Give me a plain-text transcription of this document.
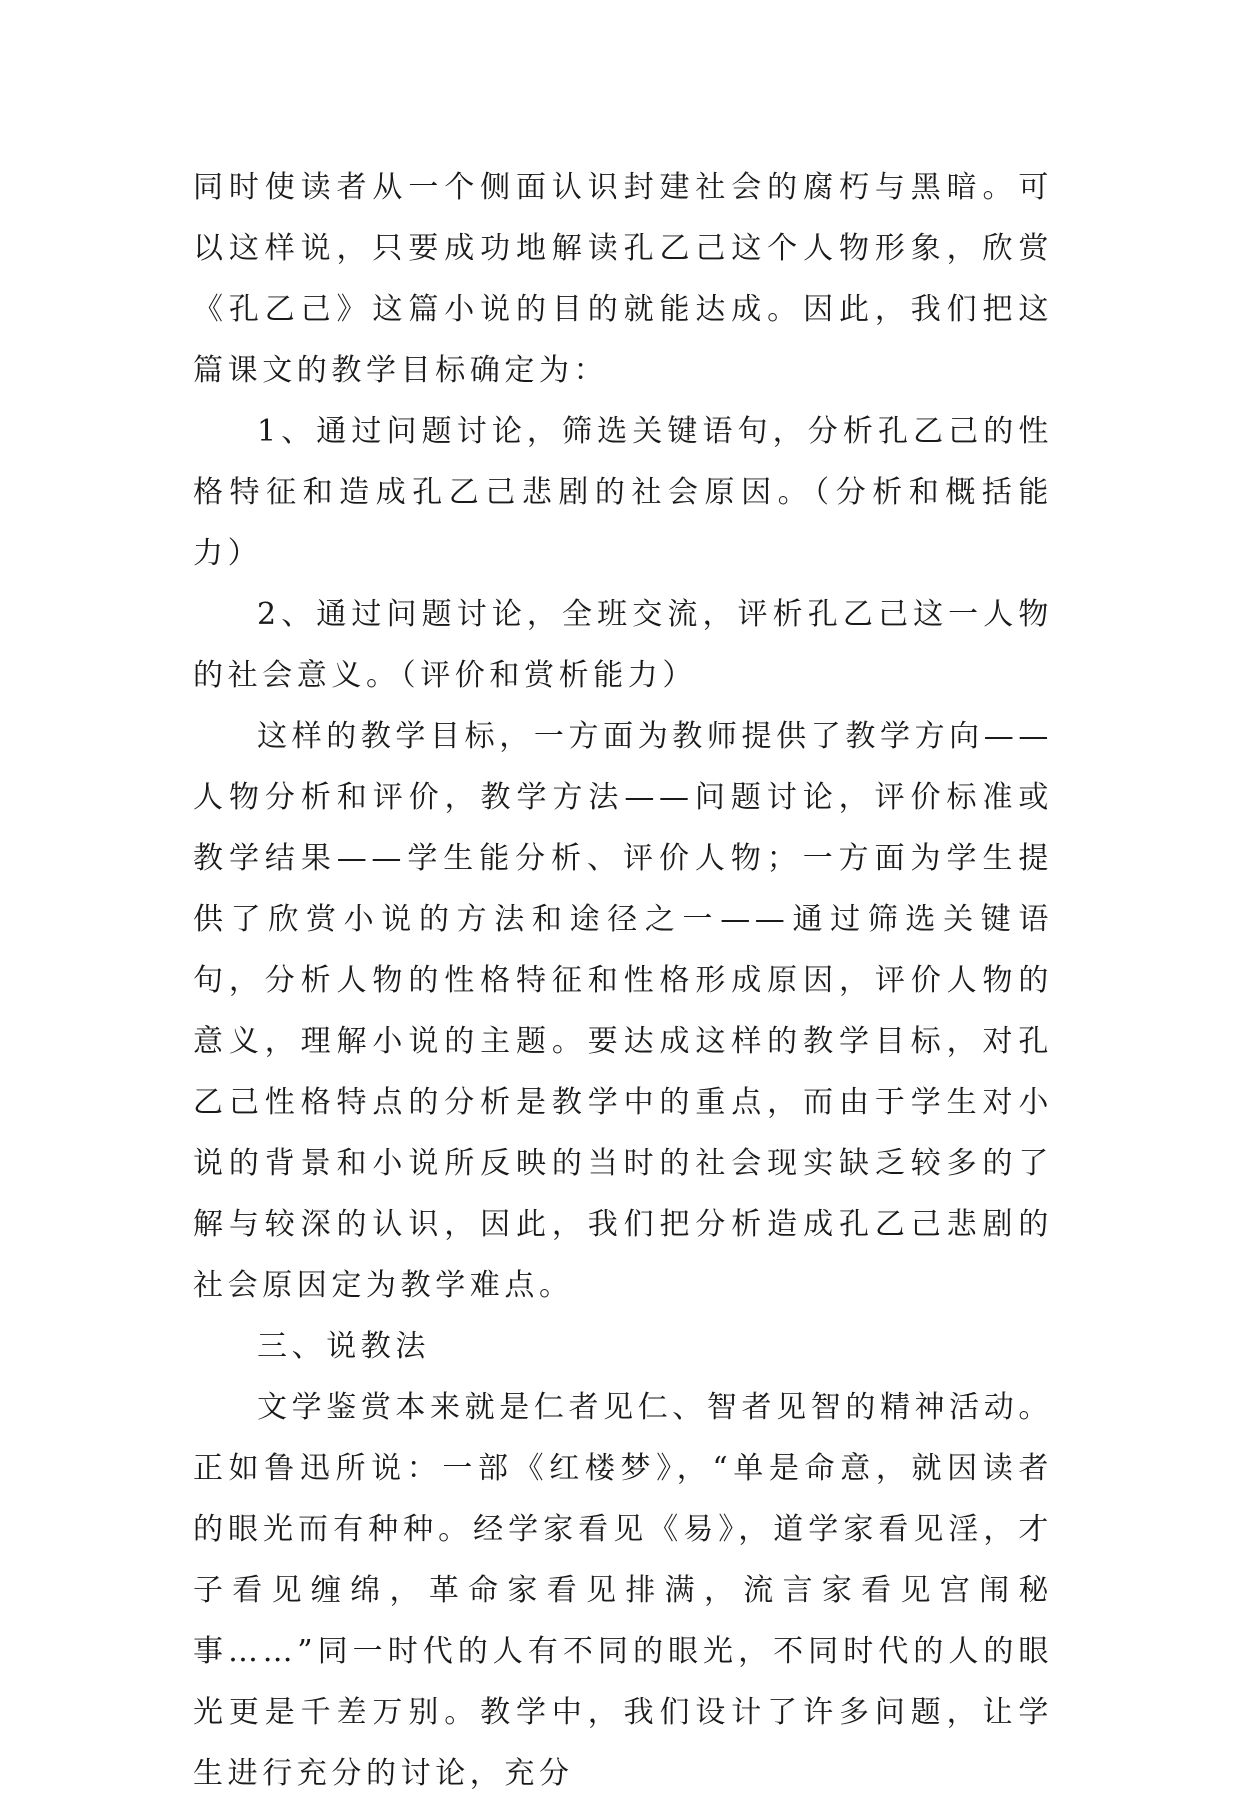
同时使读者从一个侧面认识封建社会的腐朽与黑暗。可以这样说，只要成功地解读孔乙己这个人物形象，欣赏《孔乙己》这篇小说的目的就能达成。因此，我们把这篇课文的教学目标确定为：

1、通过问题讨论，筛选关键语句，分析孔乙己的性格特征和造成孔乙己悲剧的社会原因。（分析和概括能力）

2、通过问题讨论，全班交流，评析孔乙己这一人物的社会意义。（评价和赏析能力）

这样的教学目标，一方面为教师提供了教学方向——人物分析和评价，教学方法——问题讨论，评价标准或教学结果——学生能分析、评价人物；一方面为学生提供了欣赏小说的方法和途径之一——通过筛选关键语句，分析人物的性格特征和性格形成原因，评价人物的意义，理解小说的主题。要达成这样的教学目标，对孔乙己性格特点的分析是教学中的重点，而由于学生对小说的背景和小说所反映的当时的社会现实缺乏较多的了解与较深的认识，因此，我们把分析造成孔乙己悲剧的社会原因定为教学难点。

三、说教法

文学鉴赏本来就是仁者见仁、智者见智的精神活动。正如鲁迅所说：一部《红楼梦》，“单是命意，就因读者的眼光而有种种。经学家看见《易》，道学家看见淫，才子看见缠绵，革命家看见排满，流言家看见宫闱秘事……”同一时代的人有不同的眼光，不同时代的人的眼光更是千差万别。教学中，我们设计了许多问题，让学生进行充分的讨论，充分
